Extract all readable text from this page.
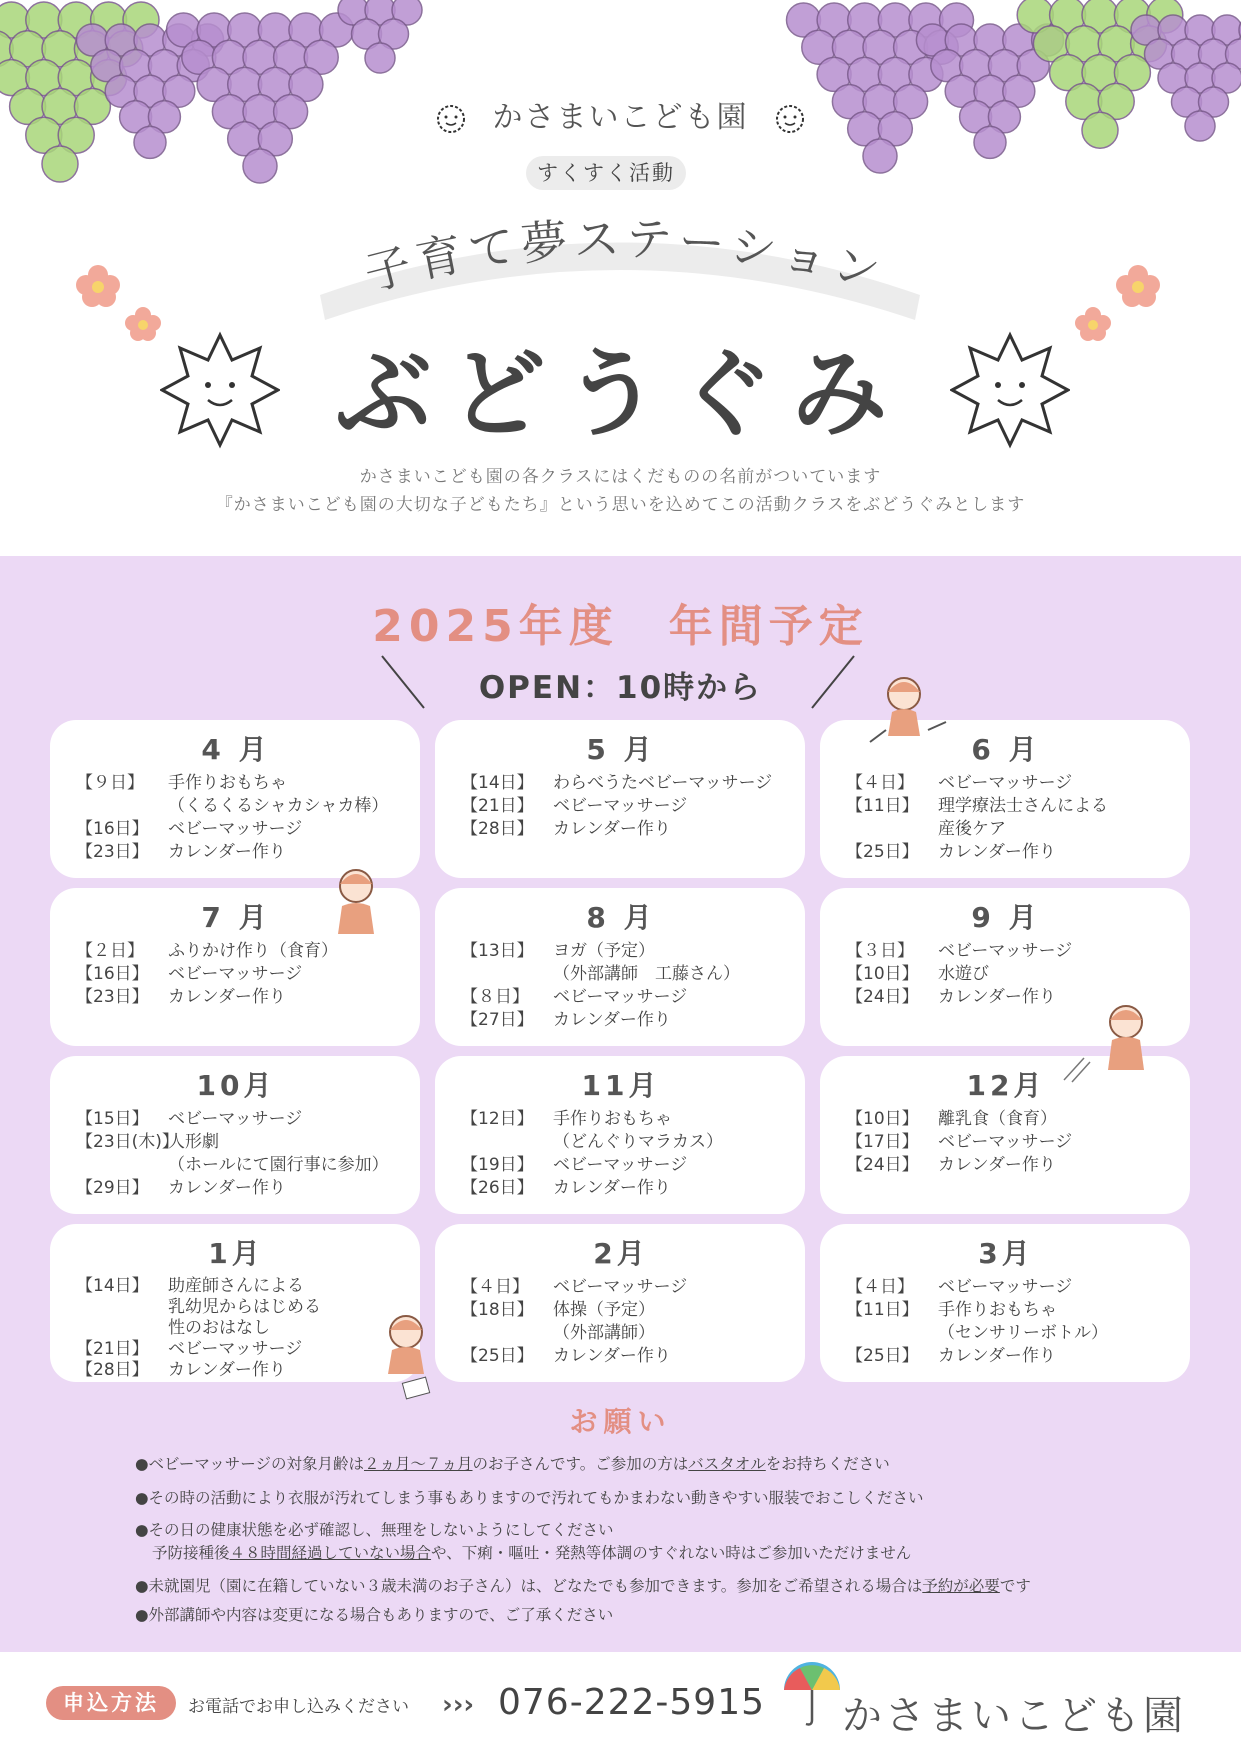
かさまいこども園
すくすく活動
子育て夢ステーション
ぶどうぐみ
かさまいこども園の各クラスにはくだものの名前がついています
『かさまいこども園の大切な子どもたち』という思いを込めてこの活動クラスをぶどうぐみとします
2025年度　年間予定
OPEN：10時から
4 月
【９日】	手作りおもちゃ
（くるくるシャカシャカ棒）
【16日】	ベビーマッサージ
【23日】	カレンダー作り
5 月
【14日】	わらべうたベビーマッサージ
【21日】	ベビーマッサージ
【28日】	カレンダー作り
6 月
【４日】	ベビーマッサージ
【11日】	理学療法士さんによる
産後ケア
【25日】	カレンダー作り
7 月
【２日】	ふりかけ作り（食育）
【16日】	ベビーマッサージ
【23日】	カレンダー作り
8 月
【13日】	ヨガ（予定）
（外部講師　工藤さん）
【８日】	ベビーマッサージ
【27日】	カレンダー作り
9 月
【３日】	ベビーマッサージ
【10日】	水遊び
【24日】	カレンダー作り
10月
【15日】	ベビーマッサージ
【23日(木)】
人形劇
（ホールにて園行事に参加）
【29日】	カレンダー作り
11月
【12日】	手作りおもちゃ
（どんぐりマラカス）
【19日】	ベビーマッサージ
【26日】	カレンダー作り
12月
【10日】	離乳食（食育）
【17日】	ベビーマッサージ
【24日】	カレンダー作り
1月
【14日】	助産師さんによる
乳幼児からはじめる
性のおはなし
【21日】	ベビーマッサージ
【28日】	カレンダー作り
2月
【４日】	ベビーマッサージ
【18日】	体操（予定）
（外部講師）
【25日】	カレンダー作り
3月
【４日】	ベビーマッサージ
【11日】	手作りおもちゃ
（センサリーボトル）
【25日】	カレンダー作り
お願い
●ベビーマッサージの対象月齢は２ヵ月～７ヵ月のお子さんです。ご参加の方はバスタオルをお持ちください
●その時の活動により衣服が汚れてしまう事もありますので汚れてもかまわない動きやすい服装でおこしください
●その日の健康状態を必ず確認し、無理をしないようにしてください
予防接種後４８時間経過していない場合や、下痢・嘔吐・発熱等体調のすぐれない時はご参加いただけません
●未就園児（園に在籍していない３歳未満のお子さん）は、どなたでも参加できます。参加をご希望される場合は予約が必要です
●外部講師や内容は変更になる場合もありますので、ご了承ください
申込方法	お電話でお申し込みください ››› 076-222-5915 かさまいこども園
